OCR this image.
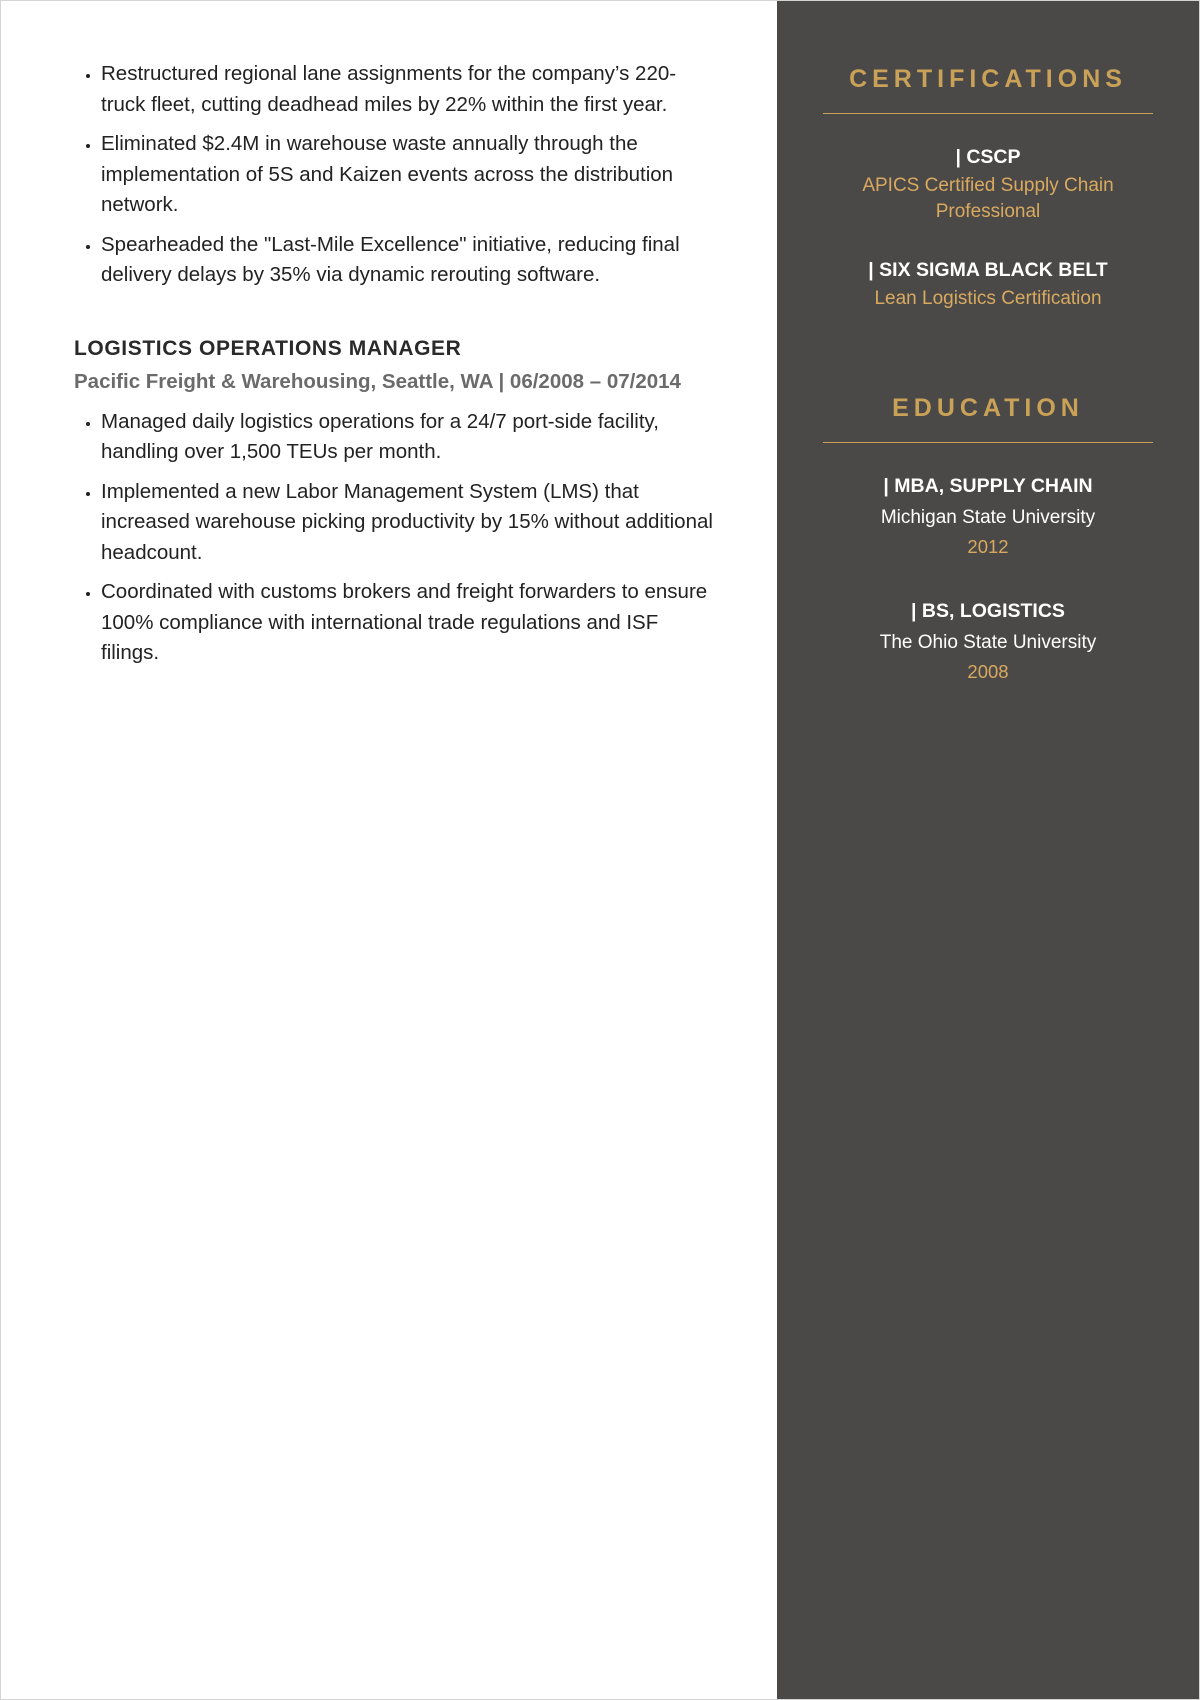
• Restructured regional lane assignments for the company’s 220-truck fleet, cutting deadhead miles by 22% within the first year.
• Eliminated $2.4M in warehouse waste annually through the implementation of 5S and Kaizen events across the distribution network.
• Spearheaded the "Last-Mile Excellence" initiative, reducing final delivery delays by 35% via dynamic rerouting software.
LOGISTICS OPERATIONS MANAGER
Pacific Freight & Warehousing, Seattle, WA | 06/2008 – 07/2014
• Managed daily logistics operations for a 24/7 port-side facility, handling over 1,500 TEUs per month.
• Implemented a new Labor Management System (LMS) that increased warehouse picking productivity by 15% without additional headcount.
• Coordinated with customs brokers and freight forwarders to ensure 100% compliance with international trade regulations and ISF filings.
CERTIFICATIONS
| CSCP
APICS Certified Supply Chain Professional
| SIX SIGMA BLACK BELT
Lean Logistics Certification
EDUCATION
| MBA, SUPPLY CHAIN
Michigan State University
2012
| BS, LOGISTICS
The Ohio State University
2008
